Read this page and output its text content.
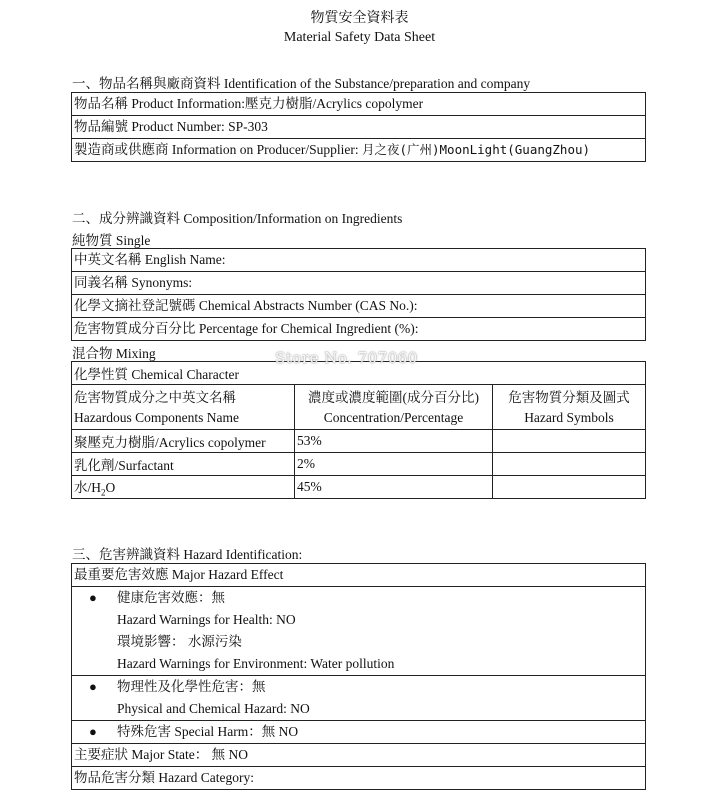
物質安全資料表
Material Safety Data Sheet
一、物品名稱與廠商資料 Identification of the Substance/preparation and company
物品名稱 Product Information:壓克力樹脂/Acrylics copolymer
物品編號 Product Number: SP-303
製造商或供應商 Information on Producer/Supplier: 月之夜(广州)MoonLight(GuangZhou)
二、成分辨識資料 Composition/Information on Ingredients
純物質 Single
中英文名稱 English Name:
同義名稱 Synonyms:
化學文摘社登記號碼 Chemical Abstracts Number (CAS No.):
危害物質成分百分比 Percentage for Chemical Ingredient (%):
混合物 Mixing
化學性質 Chemical Character		
危害物質成分之中英文名稱	濃度或濃度範圍(成分百分比)	危害物質分類及圖式
Hazardous Components Name	Concentration/Percentage	Hazard Symbols
聚壓克力樹脂/Acrylics copolymer	53%	
乳化劑/Surfactant	2%	
水$/H_2O$	45%	
三、危害辨識資料 Hazard Identification:
最重要危害效應 Major Hazard Effect
● 健康危害效應：無
Hazard Warnings for Health: NO
環境影響： 水源污染
Hazard Warnings for Environment: Water pollution
● 物理性及化學性危害：無
Physical and Chemical Hazard: NO
● 特殊危害 Special Harm：無 NO
主要症狀 Major State： 無 NO
物品危害分類 Hazard Category:
Store No. 707060
